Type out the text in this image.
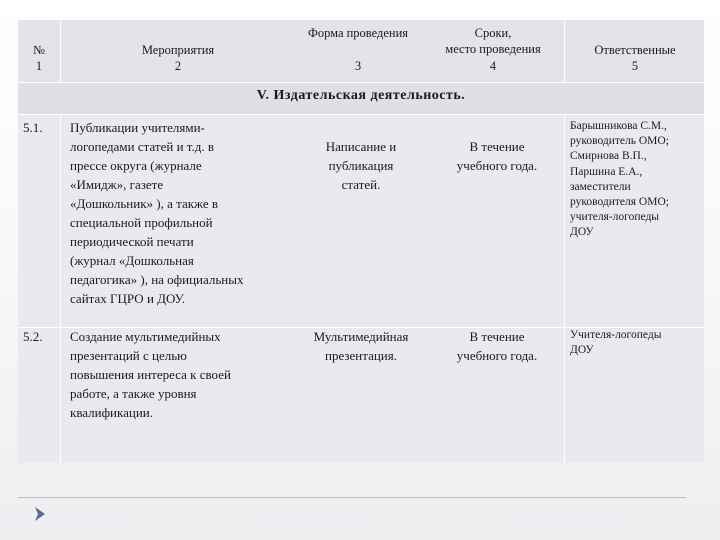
№
1
Мероприятия
2
Форма проведения
3
Сроки,
место проведения
4
Ответственные
5
V. Издательская деятельность.
5.1.	Публикации учителями-
логопедами статей и т.д. в
прессе округа (журнале
«Имидж», газете
«Дошкольник» ), а также в
специальной профильной
периодической печати
(журнал «Дошкольная
педагогика» ), на официальных
сайтах ГЦРО и ДОУ.
Написание и
публикация
статей.
В течение
учебного года.
Барышникова С.М.,
руководитель ОМО;
Смирнова В.П.,
Паршина Е.А.,
заместители
руководителя ОМО;
учителя-логопеды
ДОУ
5.2.	Создание мультимедийных
презентаций с целью
повышения интереса к своей
работе, а также уровня
квалификации.
Мультимедийная
презентация.
В течение
учебного года.
Учителя-логопеды
ДОУ
